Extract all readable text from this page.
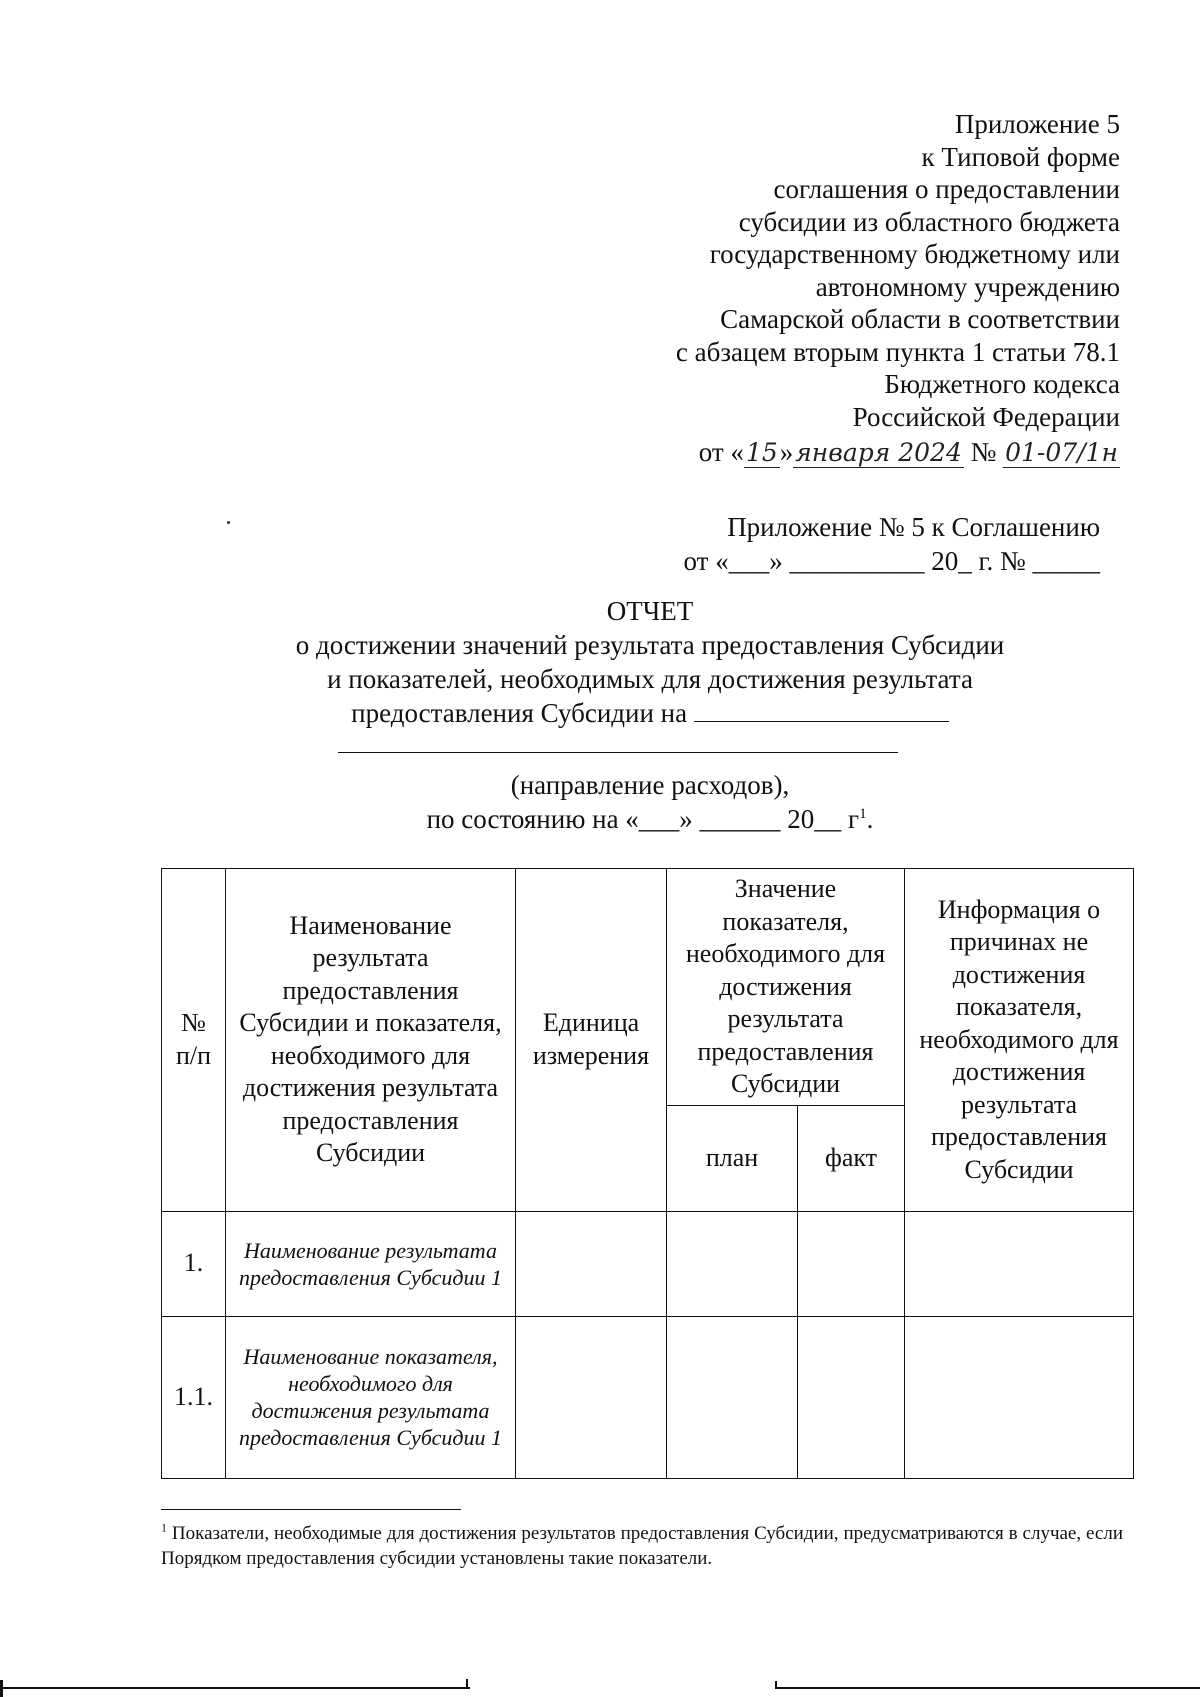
Приложение 5
к Типовой форме
соглашения о предоставлении
субсидии из областного бюджета
государственному бюджетному или
автономному учреждению
Самарской области в соответствии
с абзацем вторым пункта 1 статьи 78.1
Бюджетного кодекса
Российской Федерации
от «15»января 2024 № 01-07/1н
Приложение № 5 к Соглашению
от «___» __________ 20_ г. № _____
ОТЧЕТ
о достижении значений результата предоставления Субсидии
и показателей, необходимых для достижения результата
предоставления Субсидии на
(направление расходов),
по состоянию на «___» ______ 20__ $г^1$.
№ п/п	Наименование результата предоставления Субсидии и показателя, необходимого для достижения результата предоставления Субсидии	Единица измерения	Значение показателя, необходимого для достижения результата предоставления Субсидии		Информация о причинах не достижения показателя, необходимого для достижения результата предоставления Субсидии
			план	факт	
1.	Наименование результата предоставления Субсидии 1				
1.1.	Наименование показателя, необходимого для достижения результата предоставления Субсидии 1				
$^1$ Показатели, необходимые для достижения результатов предоставления Субсидии, предусматриваются в случае, если Порядком предоставления субсидии установлены такие показатели.
